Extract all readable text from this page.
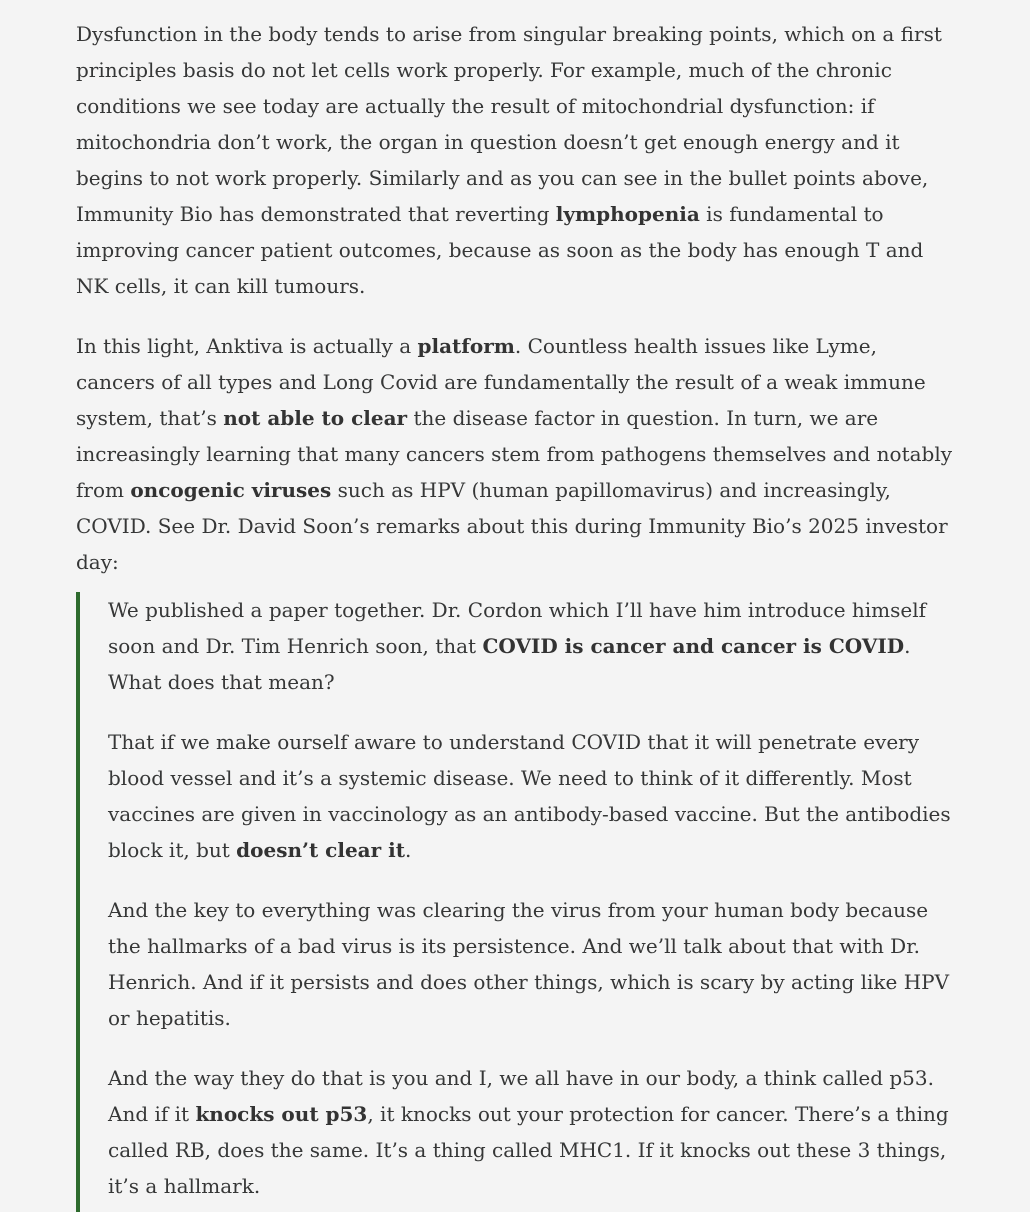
Dysfunction in the body tends to arise from singular breaking points, which on a first principles basis do not let cells work properly. For example, much of the chronic conditions we see today are actually the result of mitochondrial dysfunction: if mitochondria don’t work, the organ in question doesn’t get enough energy and it begins to not work properly. Similarly and as you can see in the bullet points above, Immunity Bio has demonstrated that reverting lymphopenia is fundamental to improving cancer patient outcomes, because as soon as the body has enough T and NK cells, it can kill tumours.

In this light, Anktiva is actually a platform. Countless health issues like Lyme, cancers of all types and Long Covid are fundamentally the result of a weak immune system, that’s not able to clear the disease factor in question. In turn, we are increasingly learning that many cancers stem from pathogens themselves and notably from oncogenic viruses such as HPV (human papillomavirus) and increasingly, COVID. See Dr. David Soon’s remarks about this during Immunity Bio’s 2025 investor day:

We published a paper together. Dr. Cordon which I’ll have him introduce himself soon and Dr. Tim Henrich soon, that COVID is cancer and cancer is COVID. What does that mean?

That if we make ourself aware to understand COVID that it will penetrate every blood vessel and it’s a systemic disease. We need to think of it differently. Most vaccines are given in vaccinology as an antibody-based vaccine. But the antibodies block it, but doesn’t clear it.

And the key to everything was clearing the virus from your human body because the hallmarks of a bad virus is its persistence. And we’ll talk about that with Dr. Henrich. And if it persists and does other things, which is scary by acting like HPV or hepatitis.

And the way they do that is you and I, we all have in our body, a think called p53. And if it knocks out p53, it knocks out your protection for cancer. There’s a thing called RB, does the same. It’s a thing called MHC1. If it knocks out these 3 things, it’s a hallmark.
